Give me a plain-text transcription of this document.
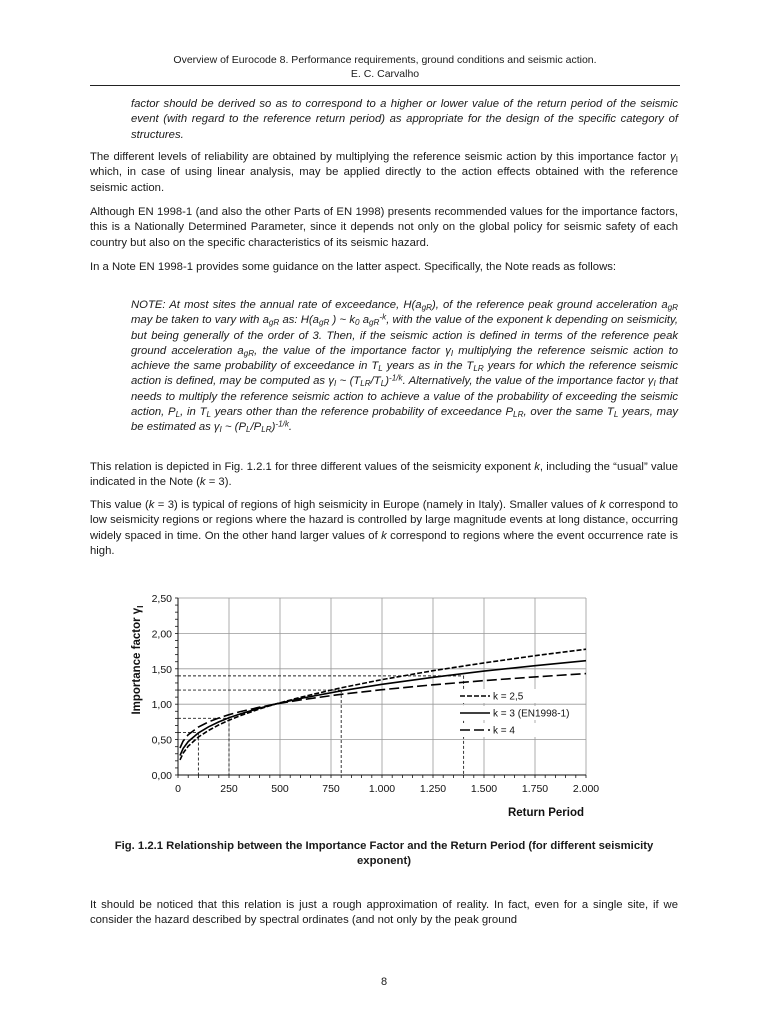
Overview of Eurocode 8. Performance requirements, ground conditions and seismic action.
E. C. Carvalho

factor should be derived so as to correspond to a higher or lower value of the return period of the seismic event (with regard to the reference return period) as appropriate for the design of the specific category of structures.

The different levels of reliability are obtained by multiplying the reference seismic action by this importance factor $\gamma_I$ which, in case of using linear analysis, may be applied directly to the action effects obtained with the reference seismic action.

Although EN 1998-1 (and also the other Parts of EN 1998) presents recommended values for the importance factors, this is a Nationally Determined Parameter, since it depends not only on the global policy for seismic safety of each country but also on the specific characteristics of its seismic hazard.

In a Note EN 1998-1 provides some guidance on the latter aspect. Specifically, the Note reads as follows:

NOTE: At most sites the annual rate of exceedance, $H(a_{gR})$, of the reference peak ground acceleration $a_{gR}$ may be taken to vary with $a_{gR}$ as: $H(a_{gR}$ ) ~ $k_0$ $a_{gR}^{-k}$, with the value of the exponent k depending on seismicity, but being generally of the order of 3. Then, if the seismic action is defined in terms of the reference peak ground acceleration $a_{gR}$, the value of the importance factor $\gamma_I$ multiplying the reference seismic action to achieve the same probability of exceedance in $T_L$ years as in the $T_{LR}$ years for which the reference seismic action is defined, may be computed as $\gamma_I$ ~ $(T_{LR}/T_L)^{-1/k}$. Alternatively, the value of the importance factor $\gamma_I$ that needs to multiply the reference seismic action to achieve a value of the probability of exceeding the seismic action, $P_L$, in $T_L$ years other than the reference probability of exceedance $P_{LR}$, over the same $T_L$ years, may be estimated as $\gamma_I$ ~ $(P_L/P_{LR})^{-1/k}$.

This relation is depicted in Fig. 1.2.1 for three different values of the seismicity exponent k, including the “usual” value indicated in the Note (k = 3).

This value (k = 3) is typical of regions of high seismicity in Europe (namely in Italy). Smaller values of k correspond to low seismicity regions or regions where the hazard is controlled by large magnitude events at long distance, occurring widely spaced in time. On the other hand larger values of k correspond to regions where the event occurrence rate is high.

0	250	500	750	1.000 1.250 1.500 1.750 2.000
0,00
0,50
1,00
1,50
2,00
2,50
k = 2,5
k = 3 (EN1998-1)
k = 4
Importance factor $\gamma_I$
Return Period
Fig. 1.2.1 Relationship between the Importance Factor and the Return Period (for different seismicity exponent)

It should be noticed that this relation is just a rough approximation of reality. In fact, even for a single site, if we consider the hazard described by spectral ordinates (and not only by the peak ground

8
